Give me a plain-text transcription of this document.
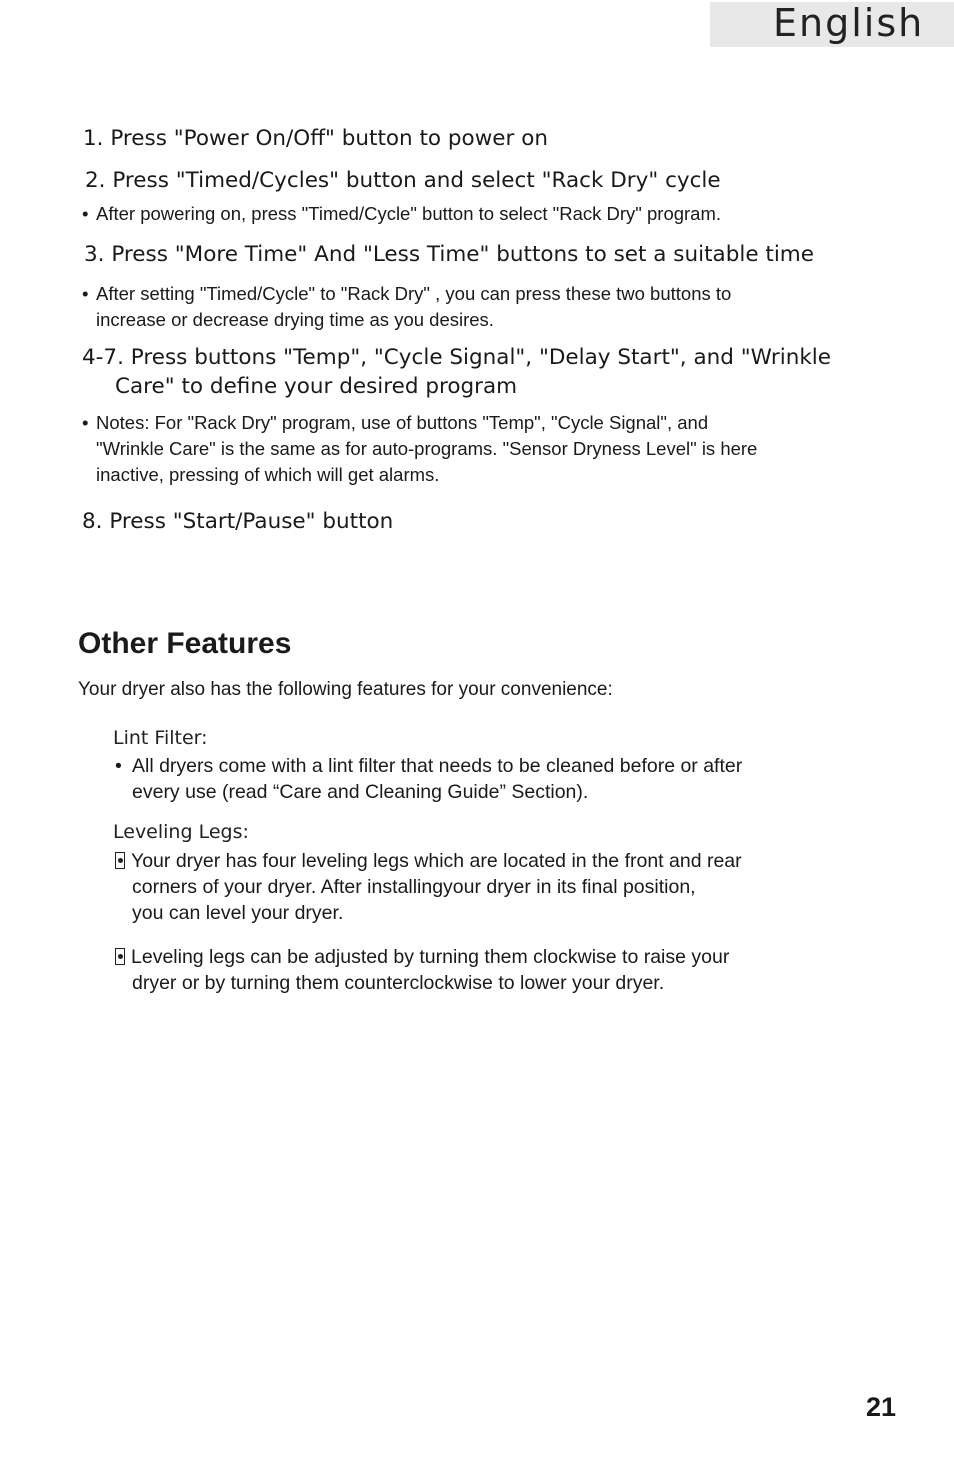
English
1. Press "Power On/Off" button to power on
2. Press "Timed/Cycles" button and select "Rack Dry" cycle
• After powering on, press "Timed/Cycle" button to select "Rack Dry" program.
3. Press "More Time" And "Less Time" buttons to set a suitable time
• After setting "Timed/Cycle" to "Rack Dry" , you can press these two buttons to
increase or decrease drying time as you desires.
4-7. Press buttons "Temp", "Cycle Signal", "Delay Start", and "Wrinkle
Care" to define your desired program
• Notes: For "Rack Dry" program, use of buttons "Temp", "Cycle Signal", and
"Wrinkle Care" is the same as for auto-programs. "Sensor Dryness Level" is here
inactive, pressing of which will get alarms.
8. Press "Start/Pause" button
Other Features
Your dryer also has the following features for your convenience:
Lint Filter:
• All dryers come with a lint filter that needs to be cleaned before or after
every use (read “Care and Cleaning Guide” Section).
Leveling Legs:
Your dryer has four leveling legs which are located in the front and rear
corners of your dryer. After installingyour dryer in its final position,
you can level your dryer.
Leveling legs can be adjusted by turning them clockwise to raise your
dryer or by turning them counterclockwise to lower your dryer.
21
